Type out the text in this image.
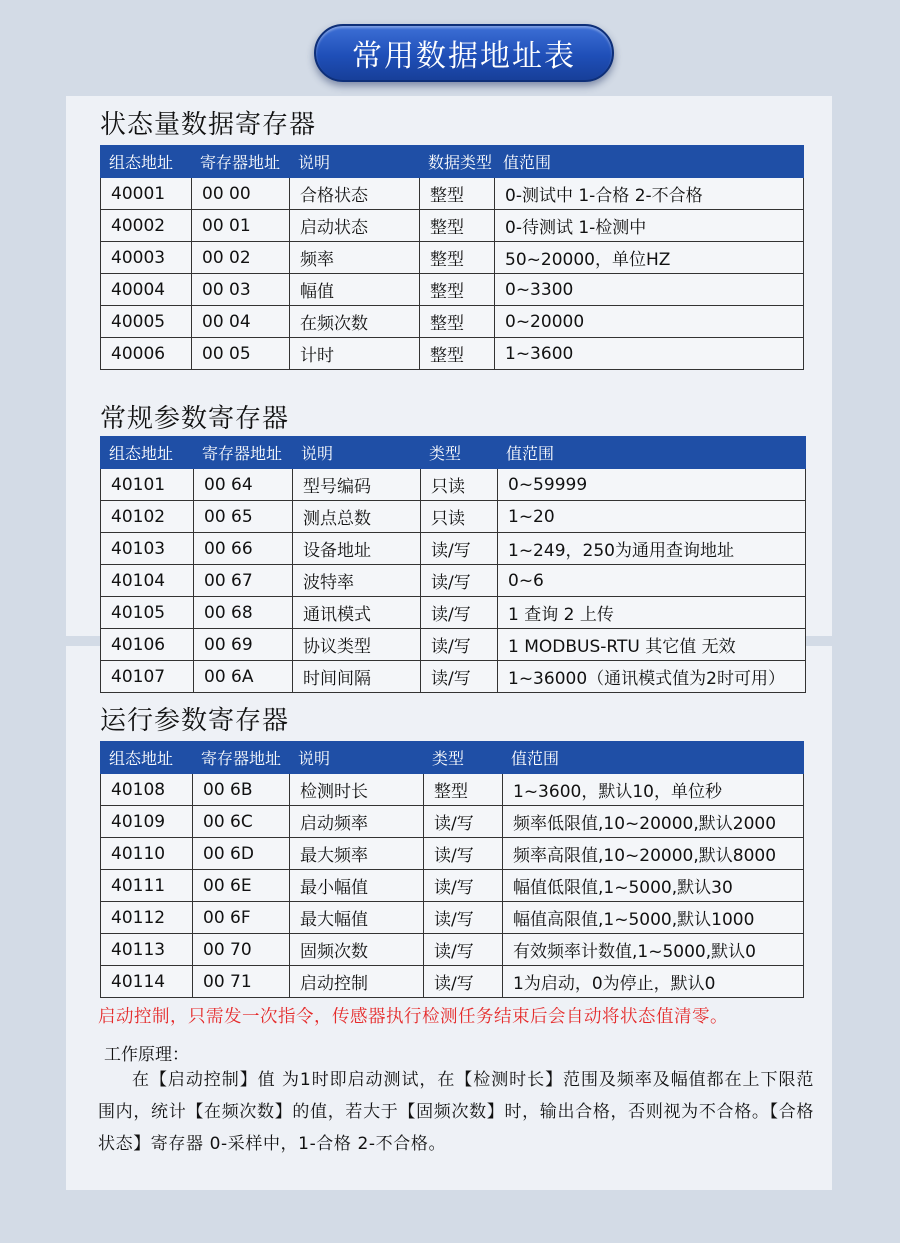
常用数据地址表
状态量数据寄存器
组态地址	寄存器地址	说明	数据类型	值范围
40001	00 00	合格状态	整型	0-测试中 1-合格 2-不合格
40002	00 01	启动状态	整型	0-待测试 1-检测中
40003	00 02	频率	整型	50~20000，单位HZ
40004	00 03	幅值	整型	0~3300
40005	00 04	在频次数	整型	0~20000
40006	00 05	计时	整型	1~3600
常规参数寄存器
组态地址	寄存器地址	说明	类型	值范围
40101	00 64	型号编码	只读	0~59999
40102	00 65	测点总数	只读	1~20
40103	00 66	设备地址	读/写	1~249，250为通用查询地址
40104	00 67	波特率	读/写	0~6
40105	00 68	通讯模式	读/写	1 查询 2 上传
40106	00 69	协议类型	读/写	1 MODBUS-RTU 其它值 无效
40107	00 6A	时间间隔	读/写	1~36000（通讯模式值为2时可用）
运行参数寄存器
组态地址	寄存器地址	说明	类型	值范围
40108	00 6B	检测时长	整型	1~3600，默认10，单位秒
40109	00 6C	启动频率	读/写	频率低限值,10~20000,默认2000
40110	00 6D	最大频率	读/写	频率高限值,10~20000,默认8000
40111	00 6E	最小幅值	读/写	幅值低限值,1~5000,默认30
40112	00 6F	最大幅值	读/写	幅值高限值,1~5000,默认1000
40113	00 70	固频次数	读/写	有效频率计数值,1~5000,默认0
40114	00 71	启动控制	读/写	1为启动，0为停止，默认0
启动控制，只需发一次指令，传感器执行检测任务结束后会自动将状态值清零。
工作原理：
在【启动控制】值 为1时即启动测试，在【检测时长】范围及频率及幅值都在上下限范围内，统计【在频次数】的值，若大于【固频次数】时，输出合格，否则视为不合格。【合格状态】寄存器 0-采样中，1-合格 2-不合格。
